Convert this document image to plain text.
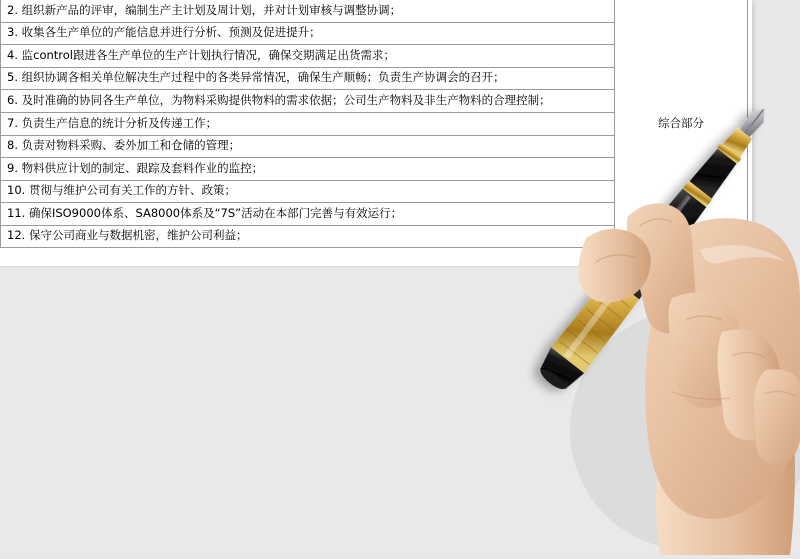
2. 组织新产品的评审，编制生产主计划及周计划，并对计划审核与调整协调；	综合部分
3. 收集各生产单位的产能信息并进行分析、预测及促进提升；
4. 监control跟进各生产单位的生产计划执行情况，确保交期满足出货需求；
5. 组织协调各相关单位解决生产过程中的各类异常情况，确保生产顺畅；负责生产协调会的召开；
6. 及时准确的协同各生产单位，为物料采购提供物料的需求依据；公司生产物料及非生产物料的合理控制；
7. 负责生产信息的统计分析及传递工作；
8. 负责对物料采购、委外加工和仓储的管理；
9. 物料供应计划的制定、跟踪及套料作业的监控；
10. 贯彻与维护公司有关工作的方针、政策；
11. 确保ISO9000体系、SA8000体系及“7S”活动在本部门完善与有效运行；
12. 保守公司商业与数据机密，维护公司利益；
